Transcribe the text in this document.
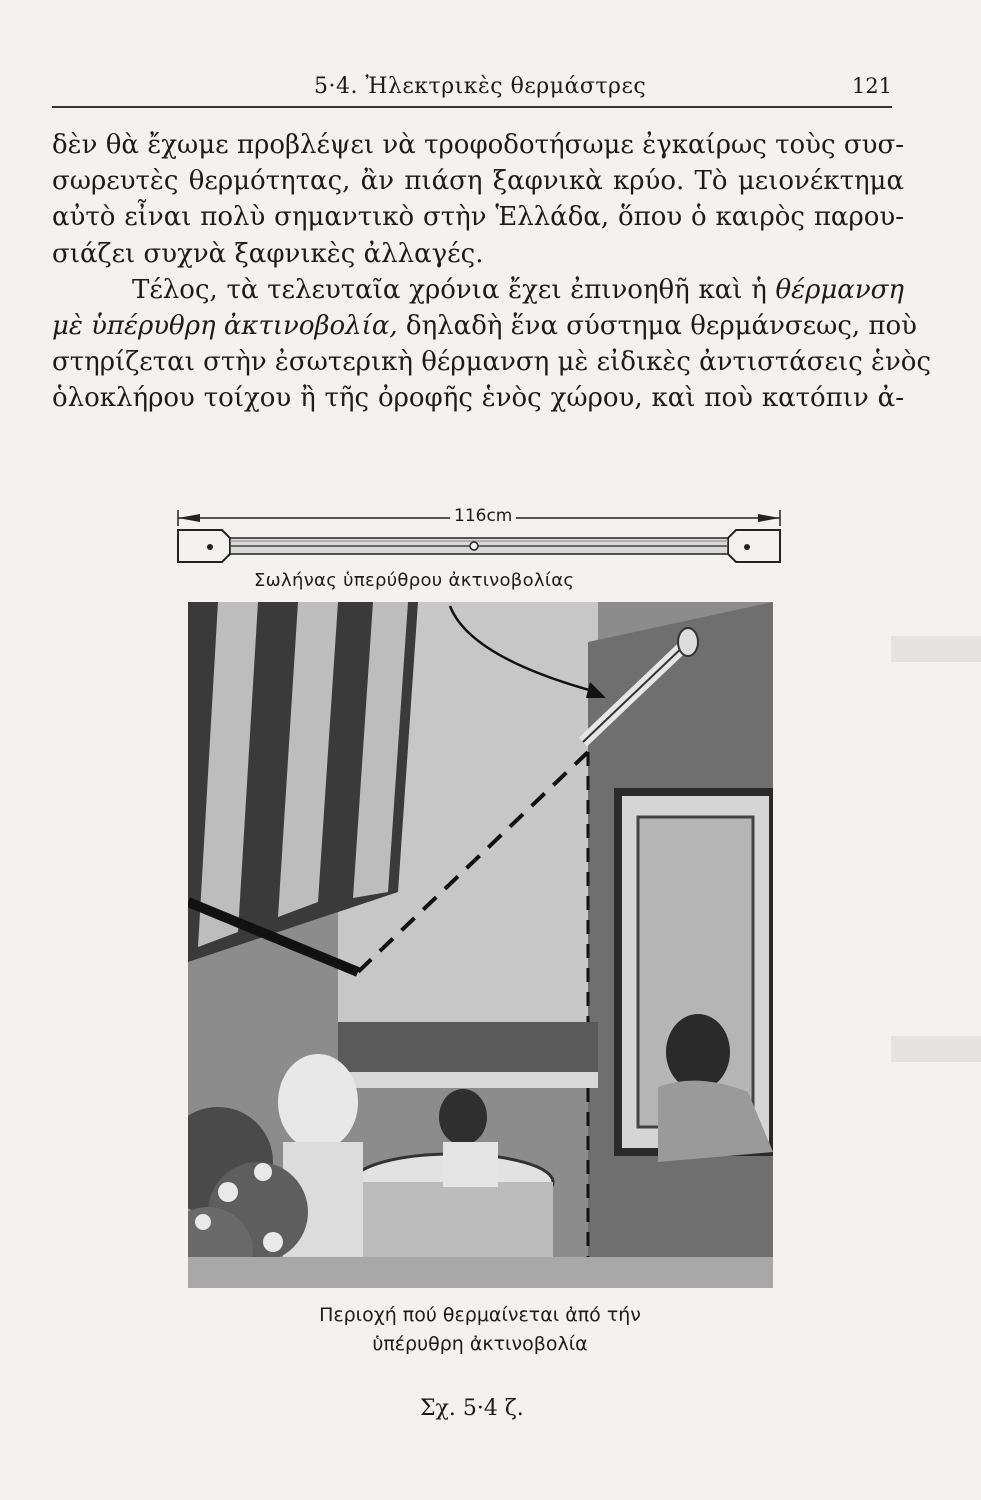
5·4. Ἠλεκτρικὲς θερμάστρες	121
δὲν θὰ ἔχωμε προβλέψει νὰ τροφοδοτήσωμε ἐγκαίρως τοὺς συσ-
σωρευτὲς θερμότητας, ἂν πιάση ξαφνικὰ κρύο. Τὸ μειονέκτημα
αὐτὸ εἶναι πολὺ σημαντικὸ στὴν Ἑλλάδα, ὅπου ὁ καιρὸς παρου-
σιάζει συχνὰ ξαφνικὲς ἀλλαγές.
Τέλος, τὰ τελευταῖα χρόνια ἔχει ἐπινοηθῆ καὶ ἡ θέρμανση
μὲ ὑπέρυθρη ἀκτινοβολία, δηλαδὴ ἕνα σύστημα θερμάνσεως, ποὺ
στηρίζεται στὴν ἐσωτερικὴ θέρμανση μὲ εἰδικὲς ἀντιστάσεις ἑνὸς
ὁλοκλήρου τοίχου ἢ τῆς ὀροφῆς ἑνὸς χώρου, καὶ ποὺ κατόπιν ἀ-
116cm
Σωλήνας ὑπερύθρου ἀκτινοβολίας
Περιοχή πού θερμαίνεται ἀπό τήν
ὑπέρυθρη ἀκτινοβολία
Σχ. 5·4 ζ.
